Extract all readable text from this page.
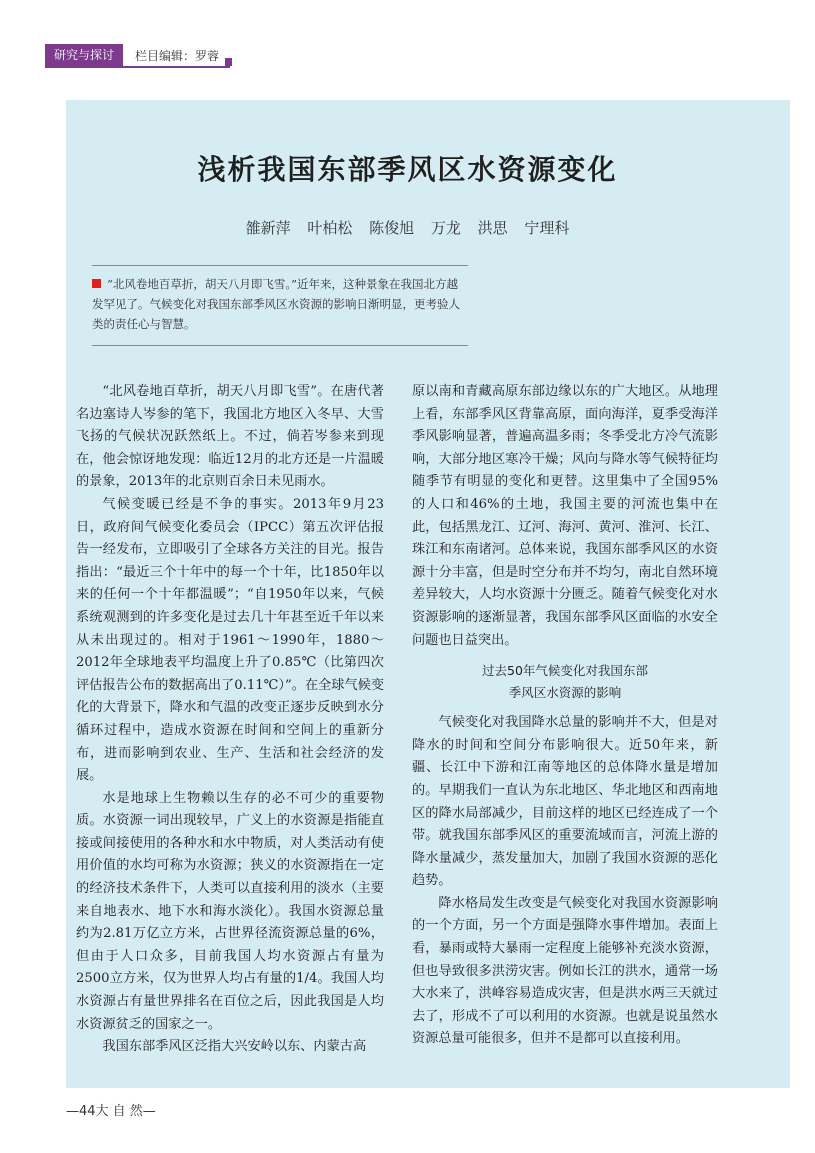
研究与探讨	栏目编辑：罗蓉
浅析我国东部季风区水资源变化
雒新萍 叶柏松 陈俊旭 万龙 洪思 宁理科
“北风卷地百草折，胡天八月即飞雪。”近年来，这种景象在我国北方越发罕见了。气候变化对我国东部季风区水资源的影响日渐明显，更考验人类的责任心与智慧。

“北风卷地百草折，胡天八月即飞雪”。在唐代著名边塞诗人岑参的笔下，我国北方地区入冬早、大雪飞扬的气候状况跃然纸上。不过，倘若岑参来到现在，他会惊讶地发现：临近12月的北方还是一片温暖的景象，2013年的北京则百余日未见雨水。

气候变暖已经是不争的事实。2013年9月23日，政府间气候变化委员会（IPCC）第五次评估报告一经发布，立即吸引了全球各方关注的目光。报告指出：“最近三个十年中的每一个十年，比1850年以来的任何一个十年都温暖”；“自1950年以来，气候系统观测到的许多变化是过去几十年甚至近千年以来从未出现过的。相对于1961～1990年，1880～2012年全球地表平均温度上升了0.85℃（比第四次评估报告公布的数据高出了0.11℃）”。在全球气候变化的大背景下，降水和气温的改变正逐步反映到水分循环过程中，造成水资源在时间和空间上的重新分布，进而影响到农业、生产、生活和社会经济的发展。

水是地球上生物赖以生存的必不可少的重要物质。水资源一词出现较早，广义上的水资源是指能直接或间接使用的各种水和水中物质，对人类活动有使用价值的水均可称为水资源；狭义的水资源指在一定的经济技术条件下，人类可以直接利用的淡水（主要来自地表水、地下水和海水淡化）。我国水资源总量约为2.81万亿立方米，占世界径流资源总量的6%，但由于人口众多，目前我国人均水资源占有量为2500立方米，仅为世界人均占有量的1/4。我国人均水资源占有量世界排名在百位之后，因此我国是人均水资源贫乏的国家之一。

我国东部季风区泛指大兴安岭以东、内蒙古高

原以南和青藏高原东部边缘以东的广大地区。从地理上看，东部季风区背靠高原，面向海洋，夏季受海洋季风影响显著，普遍高温多雨；冬季受北方冷气流影响，大部分地区寒冷干燥；风向与降水等气候特征均随季节有明显的变化和更替。这里集中了全国95%的人口和46%的土地，我国主要的河流也集中在此，包括黑龙江、辽河、海河、黄河、淮河、长江、珠江和东南诸河。总体来说，我国东部季风区的水资源十分丰富，但是时空分布并不均匀，南北自然环境差异较大，人均水资源十分匮乏。随着气候变化对水资源影响的逐渐显著，我国东部季风区面临的水安全问题也日益突出。

过去50年气候变化对我国东部
季风区水资源的影响

气候变化对我国降水总量的影响并不大，但是对降水的时间和空间分布影响很大。近50年来，新疆、长江中下游和江南等地区的总体降水量是增加的。早期我们一直认为东北地区、华北地区和西南地区的降水局部减少，目前这样的地区已经连成了一个带。就我国东部季风区的重要流域而言，河流上游的降水量减少，蒸发量加大，加剧了我国水资源的恶化趋势。

降水格局发生改变是气候变化对我国水资源影响的一个方面，另一个方面是强降水事件增加。表面上看，暴雨或特大暴雨一定程度上能够补充淡水资源，但也导致很多洪涝灾害。例如长江的洪水，通常一场大水来了，洪峰容易造成灾害，但是洪水两三天就过去了，形成不了可以利用的水资源。也就是说虽然水资源总量可能很多，但并不是都可以直接利用。

—44大 自 然—
